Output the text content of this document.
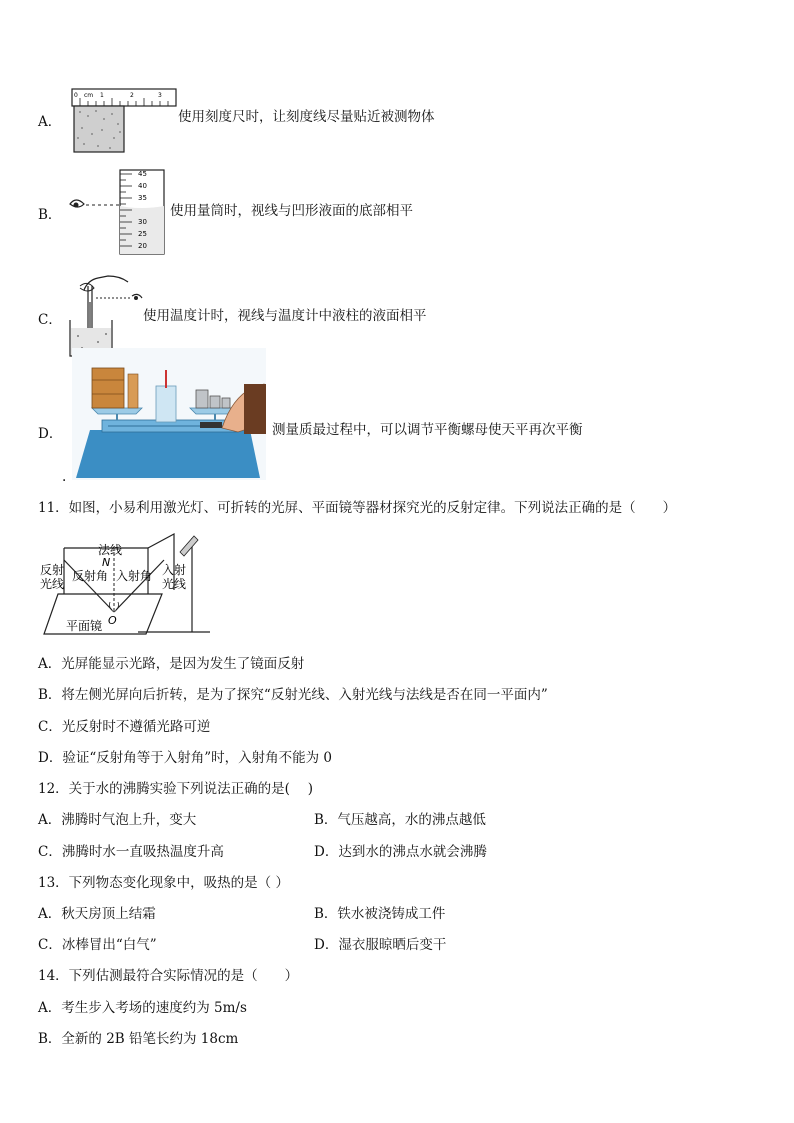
A．
0 cm 1	2	3
使用刻度尺时，让刻度线尽量贴近被测物体
B．
45
40
35
30
25
20
使用量筒时，视线与凹形液面的底部相平
C．	使用温度计时，视线与温度计中液柱的液面相平
D．	测量质最过程中，可以调节平衡螺母使天平再次平衡
.
11．如图，小易利用激光灯、可折转的光屏、平面镜等器材探究光的反射定律。下列说法正确的是（　　）
法线
反射
光线
反射角 入射角 入射
光线
N
O
平面镜
A．光屏能显示光路，是因为发生了镜面反射
B．将左侧光屏向后折转，是为了探究“反射光线、入射光线与法线是否在同一平面内”
C．光反射时不遵循光路可逆
D．验证“反射角等于入射角”时，入射角不能为 0
12．关于水的沸腾实验下列说法正确的是(　 )
A．沸腾时气泡上升，变大	B．气压越高，水的沸点越低
C．沸腾时水一直吸热温度升高	D．达到水的沸点水就会沸腾
13．下列物态变化现象中，吸热的是（ ）
A．秋天房顶上结霜	B．铁水被浇铸成工件
C．冰棒冒出“白气”	D．湿衣服晾晒后变干
14．下列估测最符合实际情况的是（　　）
A．考生步入考场的速度约为 5m/s
B．全新的 2B 铅笔长约为 18cm
